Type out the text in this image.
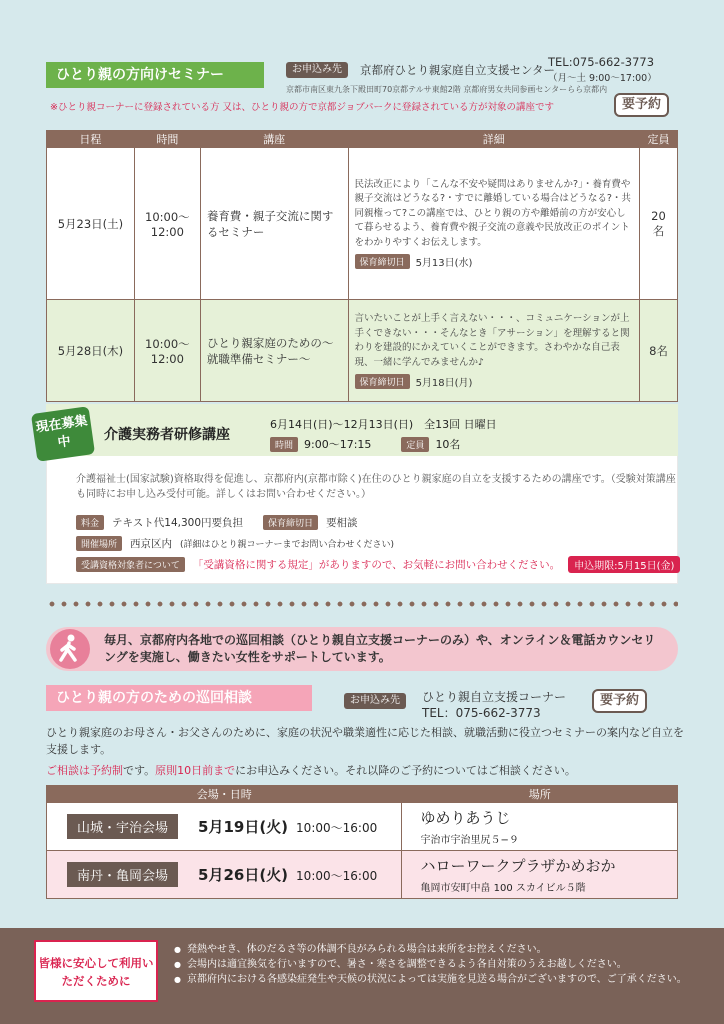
ひとり親の方向けセミナー	お申込み先	京都府ひとり親家庭自立支援センター
TEL:075-662-3773
（月〜土 9:00〜17:00）
京都市南区東九条下殿田町70京都テルサ東館2階 京都府男女共同参画センターらら京都内
※ひとり親コーナーに登録されている方 又は、ひとり親の方で京都ジョブパークに登録されている方が対象の講座です	要予約
日程	時間	講座	詳細	定員
5月23日(土)	10:00〜12:00	養育費・親子交流に関するセミナー	民法改正により「こんな不安や疑問はありませんか?」・養育費や親子交流はどうなる?・すでに離婚している場合はどうなる?・共同親権って?この講座では、ひとり親の方や離婚前の方が安心して暮らせるよう、養育費や親子交流の意義や民放改正のポイントをわかりやすくお伝えします。
保育締切日 5月13日(水)	20名
5月28日(木)	10:00〜12:00	ひとり親家庭のための〜就職準備セミナー〜	言いたいことが上手く言えない・・・、コミュニケーションが上手くできない・・・そんなとき「アサーション」を理解すると関わりを建設的にかえていくことができます。さわやかな自己表現、一緒に学んでみませんか♪
保育締切日 5月18日(月)	8名
現在募集中	介護実務者研修講座
6月14日(日)〜12月13日(日)　全13回 日曜日
時間	9:00〜17:15	定員	10名
介護福祉士(国家試験)資格取得を促進し、京都府内(京都市除く)在住のひとり親家庭の自立を支援するための講座です。（受験対策講座も同時にお申し込み受付可能。詳しくはお問い合わせください。）
料金	テキスト代14,300円要負担	保育締切日	要相談
開催場所	西京区内 (詳細はひとり親コーナーまでお問い合わせください)
受講資格対象者について	「受講資格に関する規定」がありますので、お気軽にお問い合わせください。	申込期限:5月15日(金)
毎月、京都府内各地での巡回相談（ひとり親自立支援コーナーのみ）や、オンライン＆電話カウンセリングを実施し、働きたい女性をサポートしています。
ひとり親の方のための巡回相談	お申込み先	ひとり親自立支援コーナー
TEL：075-662-3773
要予約
ひとり親家庭のお母さん・お父さんのために、家庭の状況や職業適性に応じた相談、就職活動に役立つセミナーの案内など自立を支援します。
ご相談は予約制です。原則10日前までにお申込みください。それ以降のご予約についてはご相談ください。
会場・日時	場所
山城・宇治会場 5月19日(火) 10:00〜16:00	ゆめりあうじ
宇治市宇治里尻５−９

南丹・亀岡会場 5月26日(火) 10:00〜16:00	ハローワークプラザかめおか
亀岡市安町中畠 100 スカイビル５階
皆様に安心して利用いただくために
● 発熱やせき、体のだるさ等の体調不良がみられる場合は来所をお控えください。
● 会場内は適宜換気を行いますので、暑さ・寒さを調整できるよう各自対策のうえお越しください。
● 京都府内における各感染症発生や天候の状況によっては実施を見送る場合がございますので、ご了承ください。
